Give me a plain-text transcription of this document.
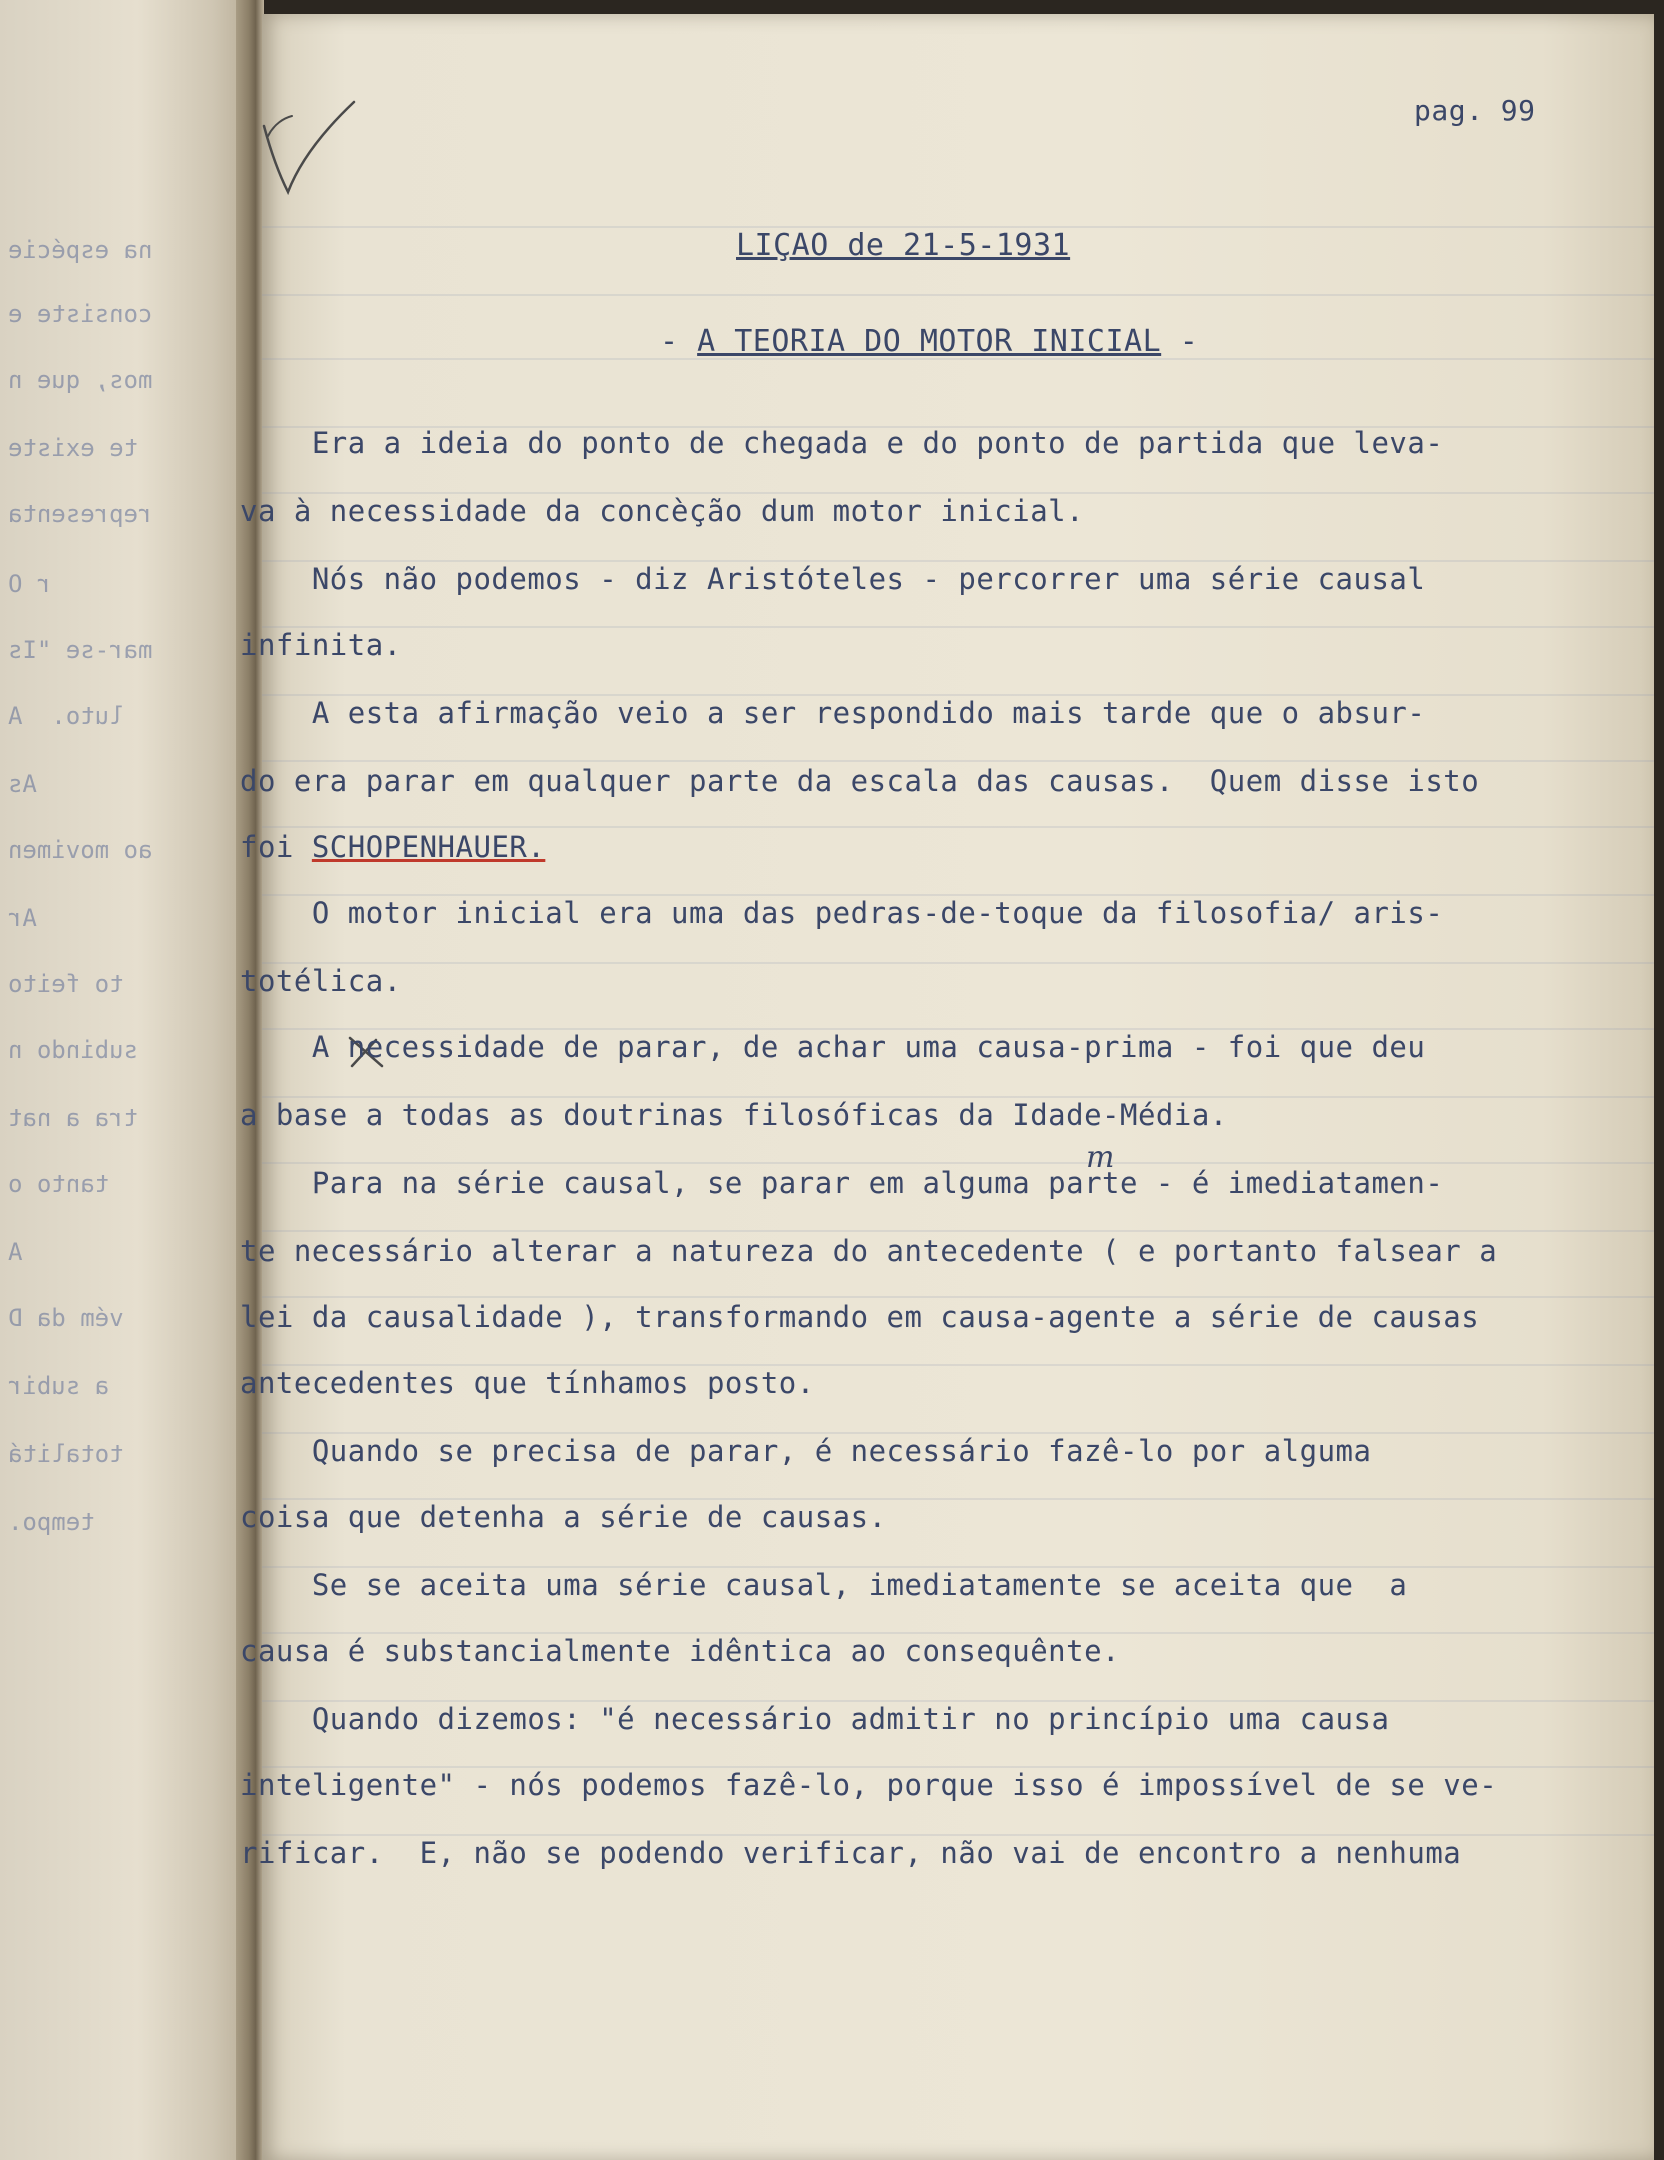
na espécie
consiste e
mos, que n
te existe
representa
r O
mar-se "Is
luto.  A
As
ao movimen
Ar
to feito
subindo n
tra a nat
tanto o
A
vém da D
a subir
totalitá
tempo.
m
pag. 99
LIÇAO de 21-5-1931
- A TEORIA DO MOTOR INICIAL -
Era a ideia do ponto de chegada e do ponto de partida que leva-
va à necessidade da concèção dum motor inicial.
Nós não podemos - diz Aristóteles - percorrer uma série causal
infinita.
A esta afirmação veio a ser respondido mais tarde que o absur-
do era parar em qualquer parte da escala das causas.  Quem disse isto
foi SCHOPENHAUER.
O motor inicial era uma das pedras-de-toque da filosofia/ aris-
totélica.
A necessidade de parar, de achar uma causa-prima - foi que deu
a base a todas as doutrinas filosóficas da Idade-Média.
Para na série causal, se parar em alguma parte - é imediatamen-
te necessário alterar a natureza do antecedente ( e portanto falsear a
lei da causalidade ), transformando em causa-agente a série de causas
antecedentes que tínhamos posto.
Quando se precisa de parar, é necessário fazê-lo por alguma
coisa que detenha a série de causas.
Se se aceita uma série causal, imediatamente se aceita que  a
causa é substancialmente idêntica ao consequênte.
Quando dizemos: "é necessário admitir no princípio uma causa
inteligente" - nós podemos fazê-lo, porque isso é impossível de se ve-
rificar.  E, não se podendo verificar, não vai de encontro a nenhuma
